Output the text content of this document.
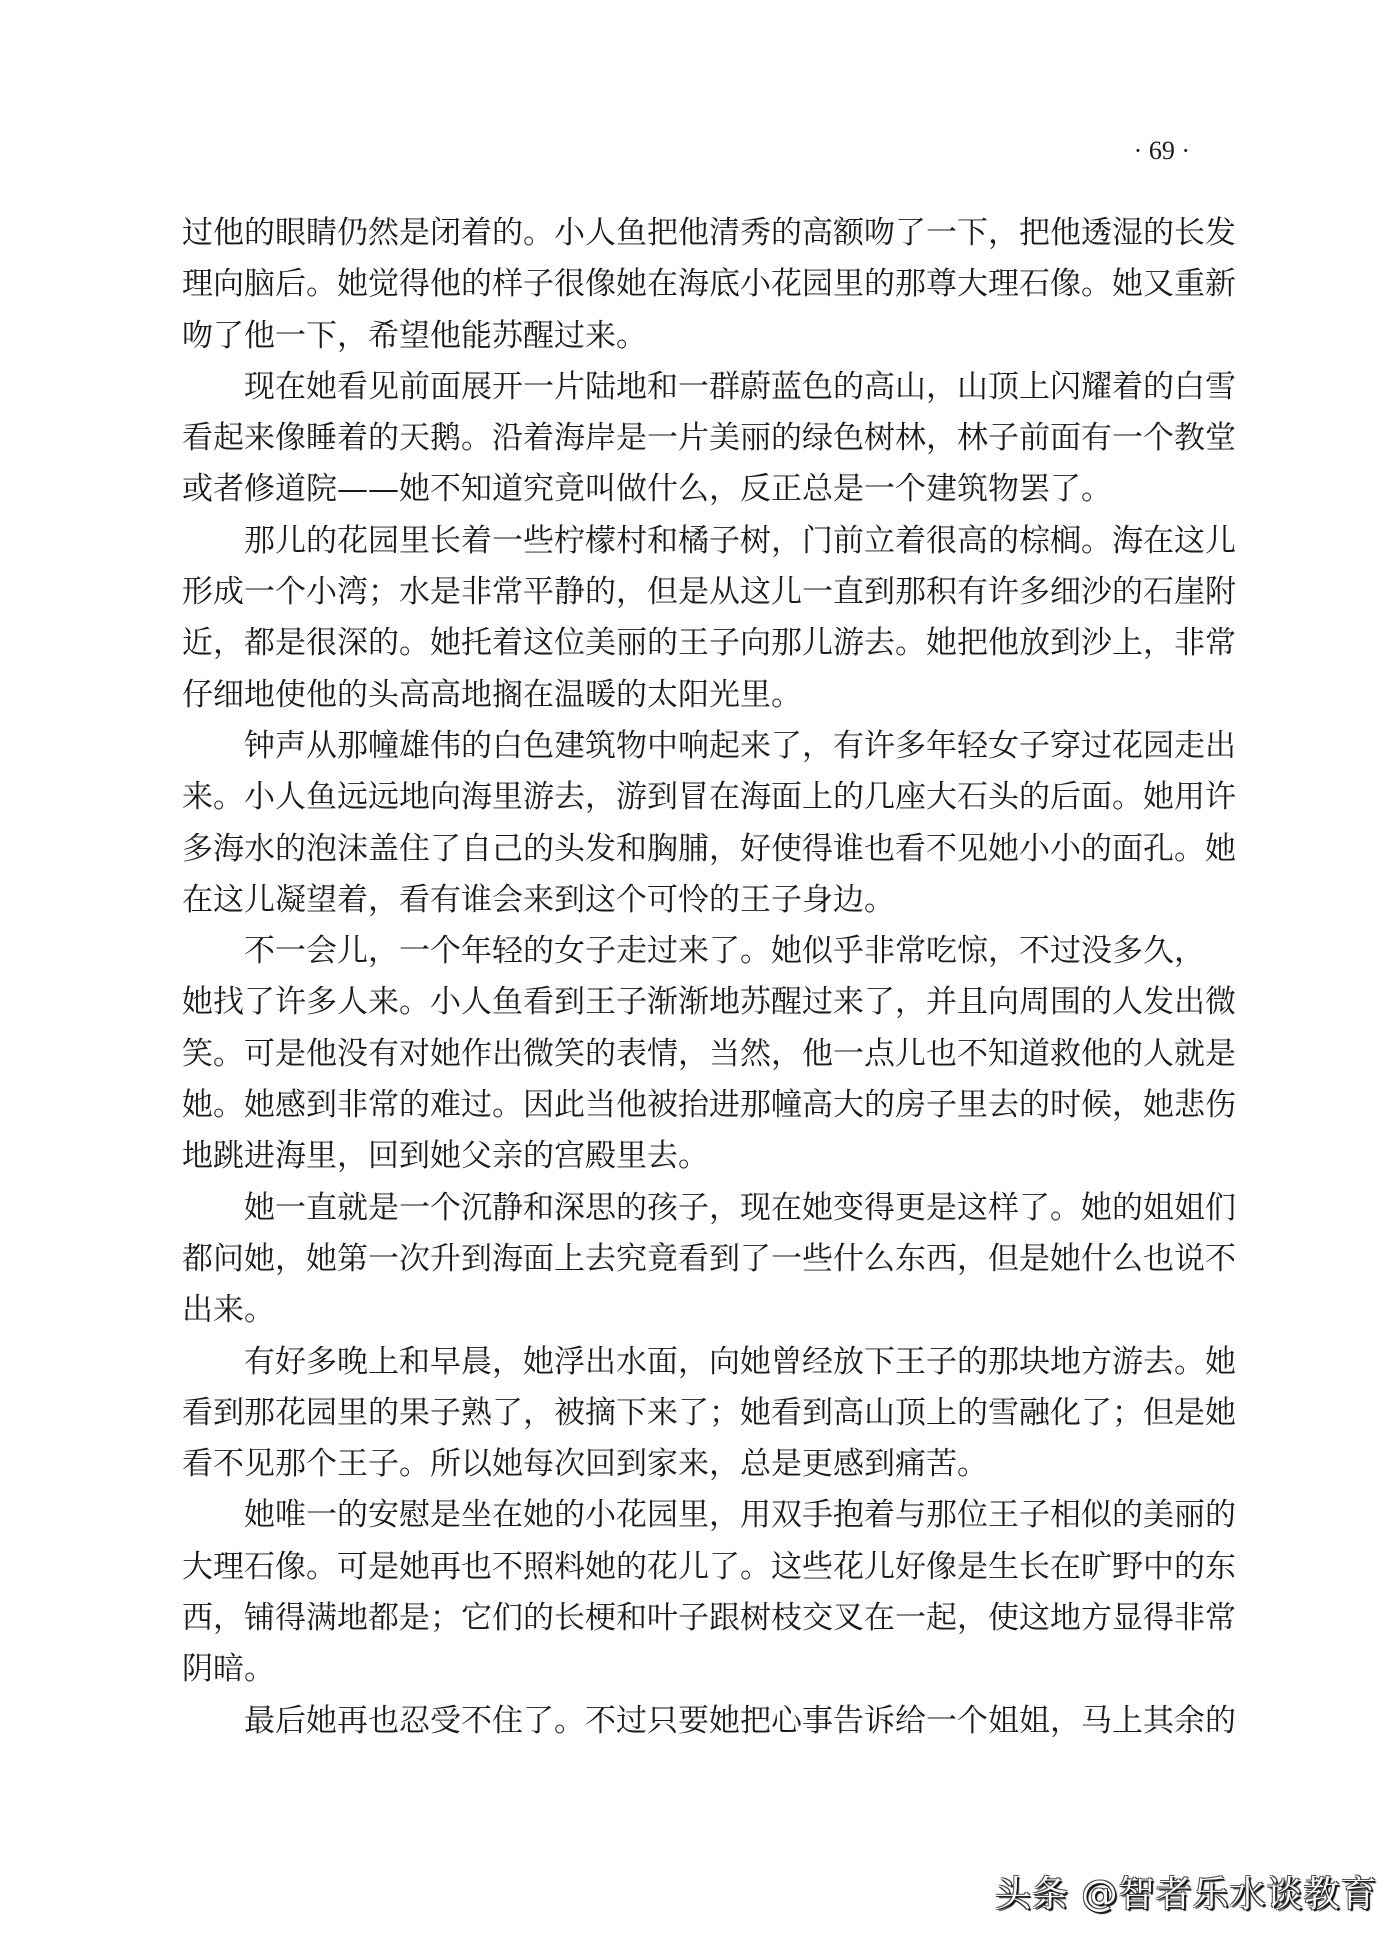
· 69 ·
过他的眼睛仍然是闭着的。小人鱼把他清秀的高额吻了一下，把他透湿的长发
理向脑后。她觉得他的样子很像她在海底小花园里的那尊大理石像。她又重新
吻了他一下，希望他能苏醒过来。
现在她看见前面展开一片陆地和一群蔚蓝色的高山，山顶上闪耀着的白雪
看起来像睡着的天鹅。沿着海岸是一片美丽的绿色树林，林子前面有一个教堂
或者修道院——她不知道究竟叫做什么，反正总是一个建筑物罢了。
那儿的花园里长着一些柠檬村和橘子树，门前立着很高的棕榈。海在这儿
形成一个小湾；水是非常平静的，但是从这儿一直到那积有许多细沙的石崖附
近，都是很深的。她托着这位美丽的王子向那儿游去。她把他放到沙上，非常
仔细地使他的头高高地搁在温暖的太阳光里。
钟声从那幢雄伟的白色建筑物中响起来了，有许多年轻女子穿过花园走出
来。小人鱼远远地向海里游去，游到冒在海面上的几座大石头的后面。她用许
多海水的泡沫盖住了自己的头发和胸脯，好使得谁也看不见她小小的面孔。她
在这儿凝望着，看有谁会来到这个可怜的王子身边。
不一会儿，一个年轻的女子走过来了。她似乎非常吃惊，不过没多久，
她找了许多人来。小人鱼看到王子渐渐地苏醒过来了，并且向周围的人发出微
笑。可是他没有对她作出微笑的表情，当然，他一点儿也不知道救他的人就是
她。她感到非常的难过。因此当他被抬进那幢高大的房子里去的时候，她悲伤
地跳进海里，回到她父亲的宫殿里去。
她一直就是一个沉静和深思的孩子，现在她变得更是这样了。她的姐姐们
都问她，她第一次升到海面上去究竟看到了一些什么东西，但是她什么也说不
出来。
有好多晚上和早晨，她浮出水面，向她曾经放下王子的那块地方游去。她
看到那花园里的果子熟了，被摘下来了；她看到高山顶上的雪融化了；但是她
看不见那个王子。所以她每次回到家来，总是更感到痛苦。
她唯一的安慰是坐在她的小花园里，用双手抱着与那位王子相似的美丽的
大理石像。可是她再也不照料她的花儿了。这些花儿好像是生长在旷野中的东
西，铺得满地都是；它们的长梗和叶子跟树枝交叉在一起，使这地方显得非常
阴暗。
最后她再也忍受不住了。不过只要她把心事告诉给一个姐姐，马上其余的
头条 @智者乐水谈教育
